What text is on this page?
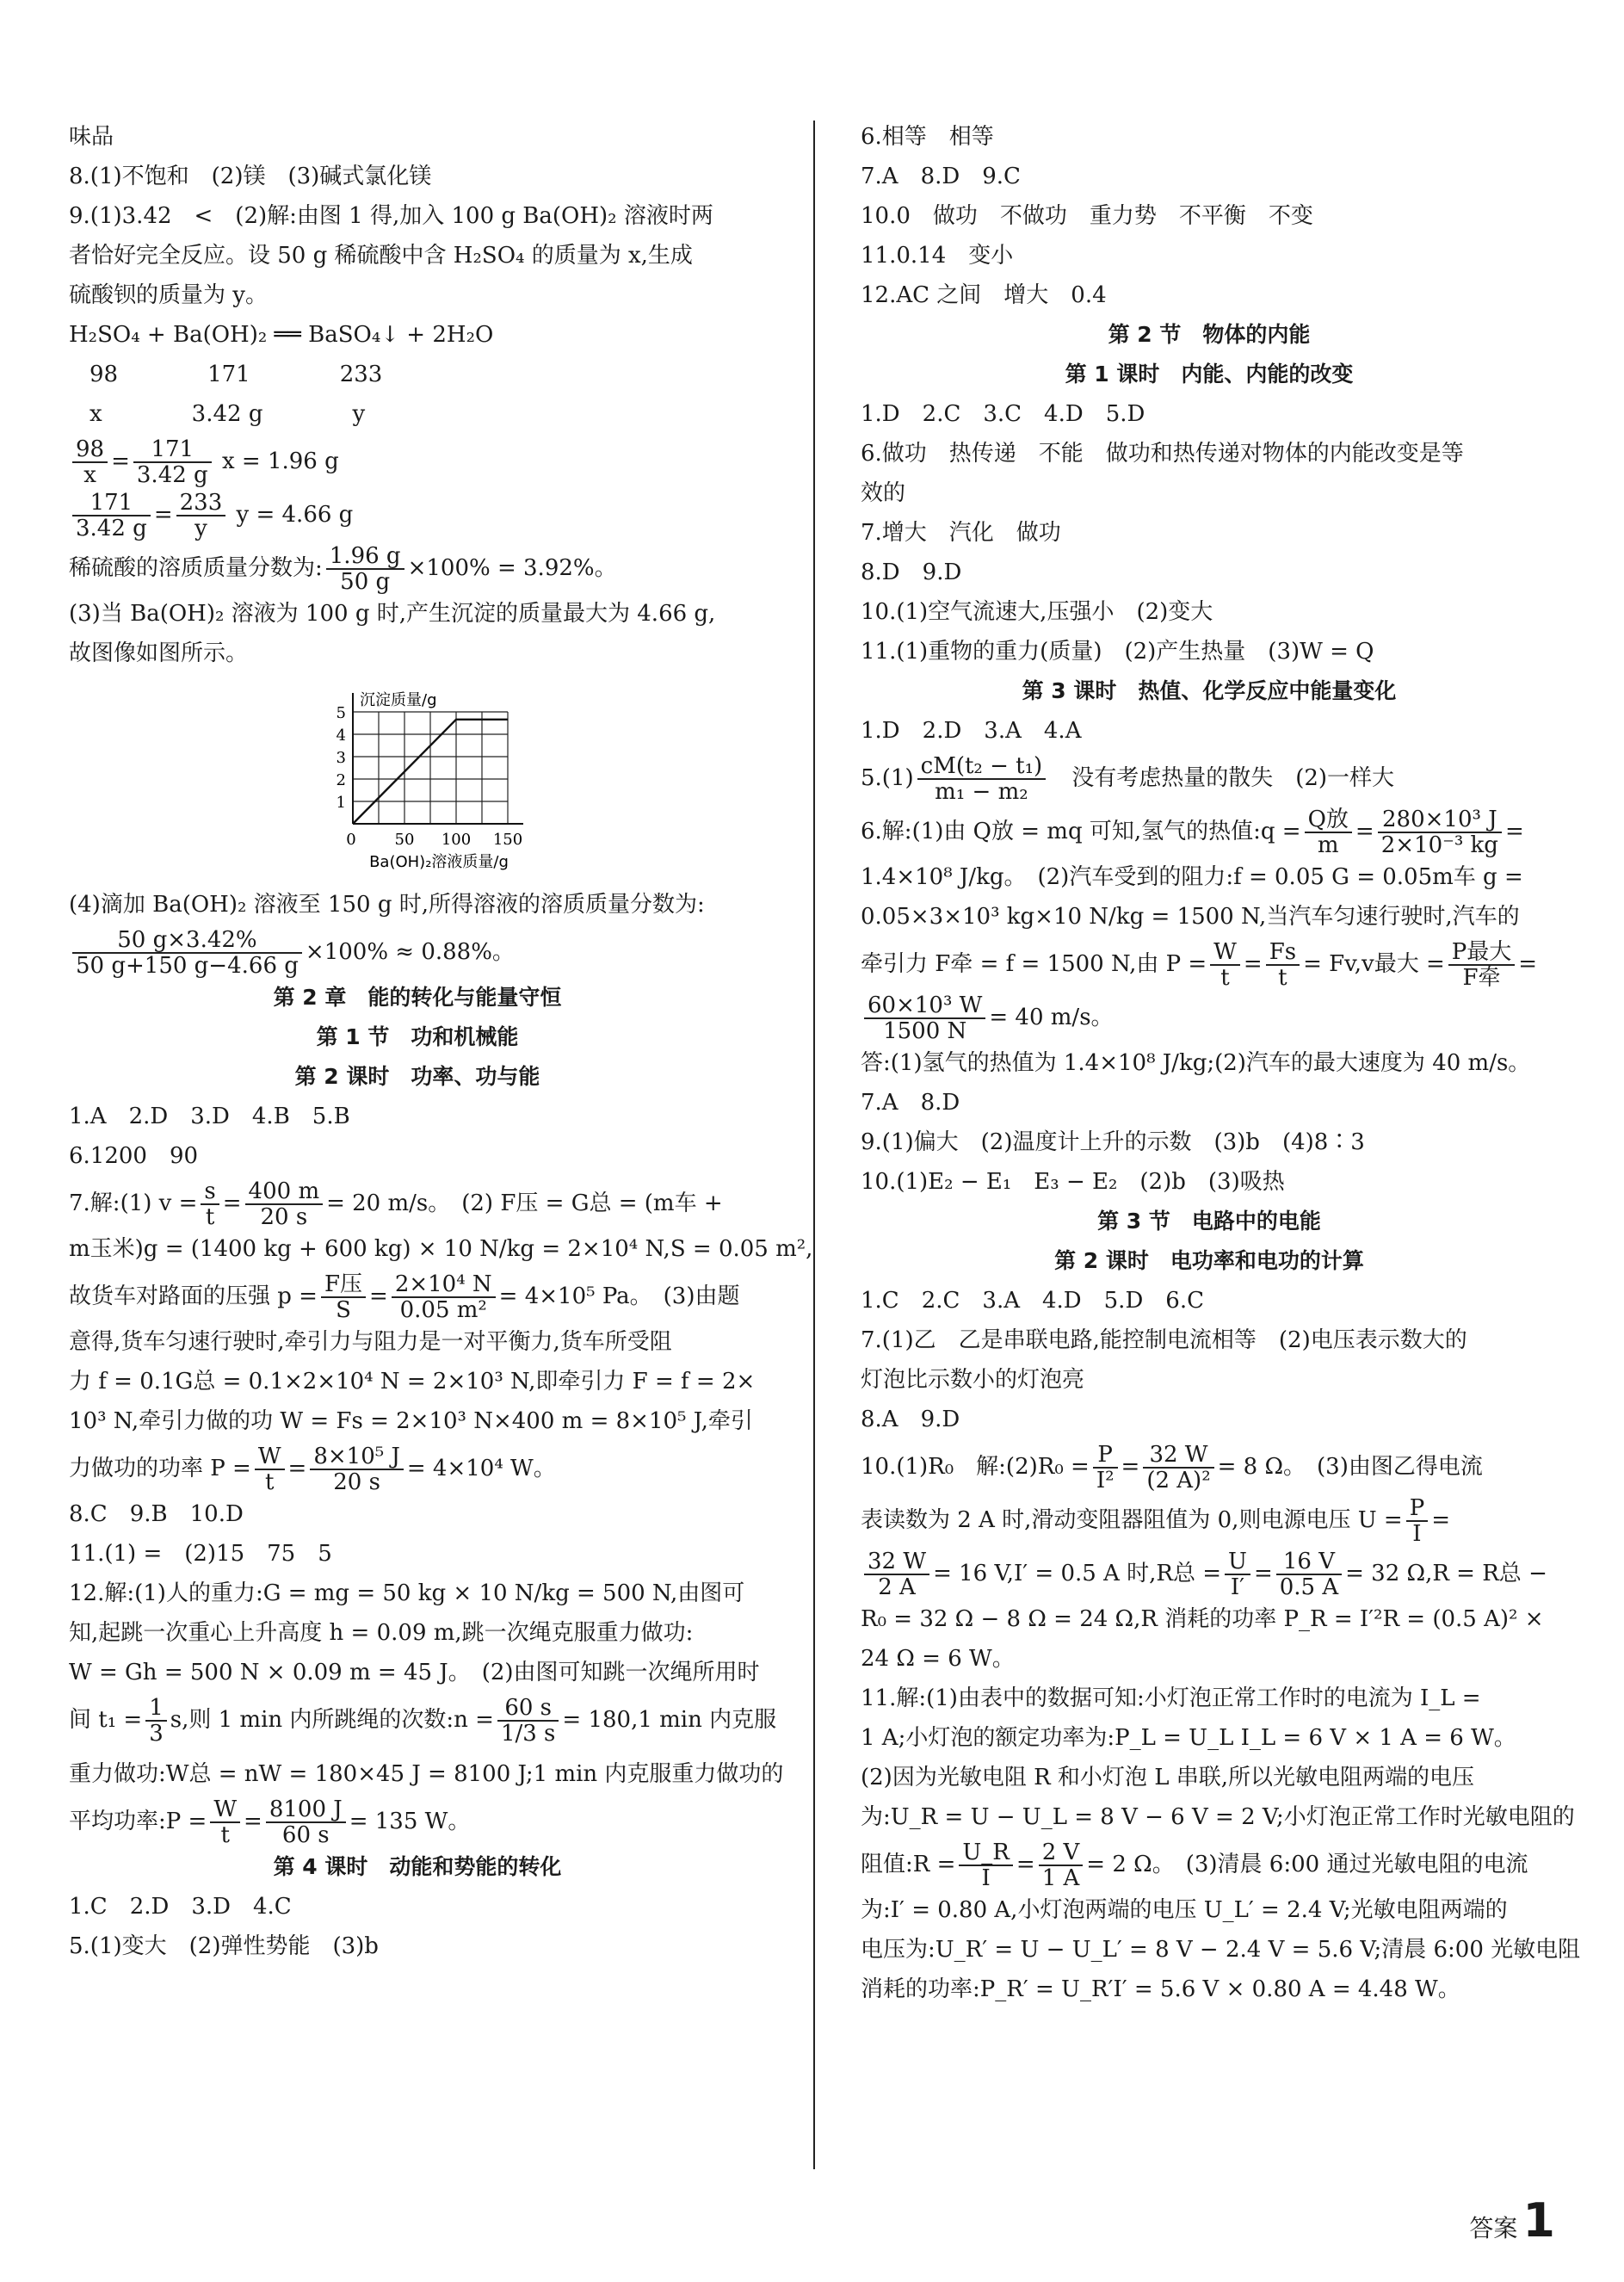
味品
8.(1)不饱和　(2)镁　(3)碱式氯化镁
9.(1)3.42　<　(2)解:由图 1 得,加入 100 g Ba(OH)₂ 溶液时两
者恰好完全反应。设 50 g 稀硫酸中含 H₂SO₄ 的质量为 x,生成
硫酸钡的质量为 y。
H₂SO₄ + Ba(OH)₂ ══ BaSO₄↓ + 2H₂O
98　　　　171　　　　233
x　　　　3.42 g　　　　y
$\frac{98}{x} = \frac{171}{3.42 g}$ x = 1.96 g
$\frac{171}{3.42 g} = \frac{233}{y}$ y = 4.66 g
稀硫酸的溶质质量分数为: $\frac{1.96 g}{50 g} \times 100\% = 3.92\%$。
(3)当 Ba(OH)₂ 溶液为 100 g 时,产生沉淀的质量最大为 4.66 g,
故图像如图所示。
1
2
3
4
5
0 50 100 150
沉淀质量/g
Ba(OH)₂溶液质量/g
(4)滴加 Ba(OH)₂ 溶液至 150 g 时,所得溶液的溶质质量分数为:
$\frac{50 g\times 3.42\%}{50 g+150 g-4.66 g} \times 100\% \approx 0.88\%$。
第 2 章　能的转化与能量守恒
第 1 节　功和机械能
第 2 课时　功率、功与能
1.A　2.D　3.D　4.B　5.B
6.1200　90
7.解:(1) $v = \frac{s}{t} = \frac{400 m}{20 s} = 20$ m/s。　(2) F压 = G总 = (m车 +
m玉米)g = (1400 kg + 600 kg) × 10 N/kg = 2×10⁴ N,S = 0.05 m²,
故货车对路面的压强 $p = \frac{\text{F压}}{S} = \frac{\text{2×10⁴ N}}{\text{0.05 m²}} = 4\times 10^5$ Pa。　(3)由题
意得,货车匀速行驶时,牵引力与阻力是一对平衡力,货车所受阻
力 f = 0.1G总 = 0.1×2×10⁴ N = 2×10³ N,即牵引力 F = f = 2×
10³ N,牵引力做的功 W = Fs = 2×10³ N×400 m = 8×10⁵ J,牵引
力做功的功率 $P = \frac{W}{t} = \frac{\text{8×10⁵ J}}{20 s} = 4\times 10^4$ W。
8.C　9.B　10.D
11.(1) =　(2)15　75　5
12.解:(1)人的重力:G = mg = 50 kg × 10 N/kg = 500 N,由图可
知,起跳一次重心上升高度 h = 0.09 m,跳一次绳克服重力做功:
W = Gh = 500 N × 0.09 m = 45 J。　(2)由图可知跳一次绳所用时
间 $t_1 = \frac{1}{3} s$,则 1 min 内所跳绳的次数:n = $\frac{60 s}{1/3 s} = 180,1$ min 内克服
重力做功:W总 = nW = 180×45 J = 8100 J;1 min 内克服重力做功的
平均功率:P = $\frac{W}{t} = \frac{8100 J}{60 s} = 135$ W。
第 4 课时　动能和势能的转化
1.C　2.D　3.D　4.C
5.(1)变大　(2)弹性势能　(3)b
6.相等　相等
7.A　8.D　9.C
10.0　做功　不做功　重力势　不平衡　不变
11.0.14　变小
12.AC 之间　增大　0.4
第 2 节　物体的内能
第 1 课时　内能、内能的改变
1.D　2.C　3.C　4.D　5.D
6.做功　热传递　不能　做功和热传递对物体的内能改变是等
效的
7.增大　汽化　做功
8.D　9.D
10.(1)空气流速大,压强小　(2)变大
11.(1)重物的重力(质量)　(2)产生热量　(3)W = Q
第 3 课时　热值、化学反应中能量变化
1.D　2.D　3.A　4.A
$5.(1) \frac{\text{cM(t₂ − t₁)}}{\text{m₁ − m₂}}$
　 没有考虑热量的散失　(2)一样大
6.解:(1)由 Q放 = mq 可知,氢气的热值:q = $\frac{\text{Q放}}{m} = \frac{\text{280×10³ J}}{\text{2×10⁻³ kg}}$ =
1.4×10⁸ J/kg。　(2)汽车受到的阻力:f = 0.05 G = 0.05m车 g =
0.05×3×10³ kg×10 N/kg = 1500 N,当汽车匀速行驶时,汽车的
牵引力 F牵 = f = 1500 N,由 $P = \frac{W}{t} = \frac{Fs}{t} = Fv,v$最大 = $\frac{\text{P最大}}{\text{F牵}}$ =
$\frac{\text{60×10³ W}}{1500 N} = 40$ m/s。
答:(1)氢气的热值为 1.4×10⁸ J/kg;(2)汽车的最大速度为 40 m/s。
7.A　8.D
9.(1)偏大　(2)温度计上升的示数　(3)b　(4)8∶3
10.(1)E₂ − E₁　E₃ − E₂　(2)b　(3)吸热
第 3 节　电路中的电能
第 2 课时　电功率和电功的计算
1.C　2.C　3.A　4.D　5.D　6.C
7.(1)乙　乙是串联电路,能控制电流相等　(2)电压表示数大的
灯泡比示数小的灯泡亮
8.A　9.D
10.(1)R₀　解:(2)R₀ = $\frac{P}{\text{I²}} = \frac{32 W}{\text{(2 A)²}} = 8$ Ω。　(3)由图乙得电流
表读数为 2 A 时,滑动变阻器阻值为 0,则电源电压 $U = \frac{P}{I}$ =
$\frac{32 W}{2 A} = 16$ V,I′ = 0.5 A 时,R总 = $\frac{U}{I'} = \frac{16 V}{0.5 A} = 32$ Ω,R = R总 −
R₀ = 32 Ω − 8 Ω = 24 Ω,R 消耗的功率 P_R = I′²R = (0.5 A)² ×
24 Ω = 6 W。
11.解:(1)由表中的数据可知:小灯泡正常工作时的电流为 I_L =
1 A;小灯泡的额定功率为:P_L = U_L I_L = 6 V × 1 A = 6 W。
(2)因为光敏电阻 R 和小灯泡 L 串联,所以光敏电阻两端的电压
为:U_R = U − U_L = 8 V − 6 V = 2 V;小灯泡正常工作时光敏电阻的
阻值:R = $\frac{U\_R}{I} = \frac{2 V}{1 A} = 2$ Ω。　(3)清晨 6:00 通过光敏电阻的电流
为:I′ = 0.80 A,小灯泡两端的电压 U_L′ = 2.4 V;光敏电阻两端的
电压为:U_R′ = U − U_L′ = 8 V − 2.4 V = 5.6 V;清晨 6:00 光敏电阻
消耗的功率:P_R′ = U_R′I′ = 5.6 V × 0.80 A = 4.48 W。
答案 1
